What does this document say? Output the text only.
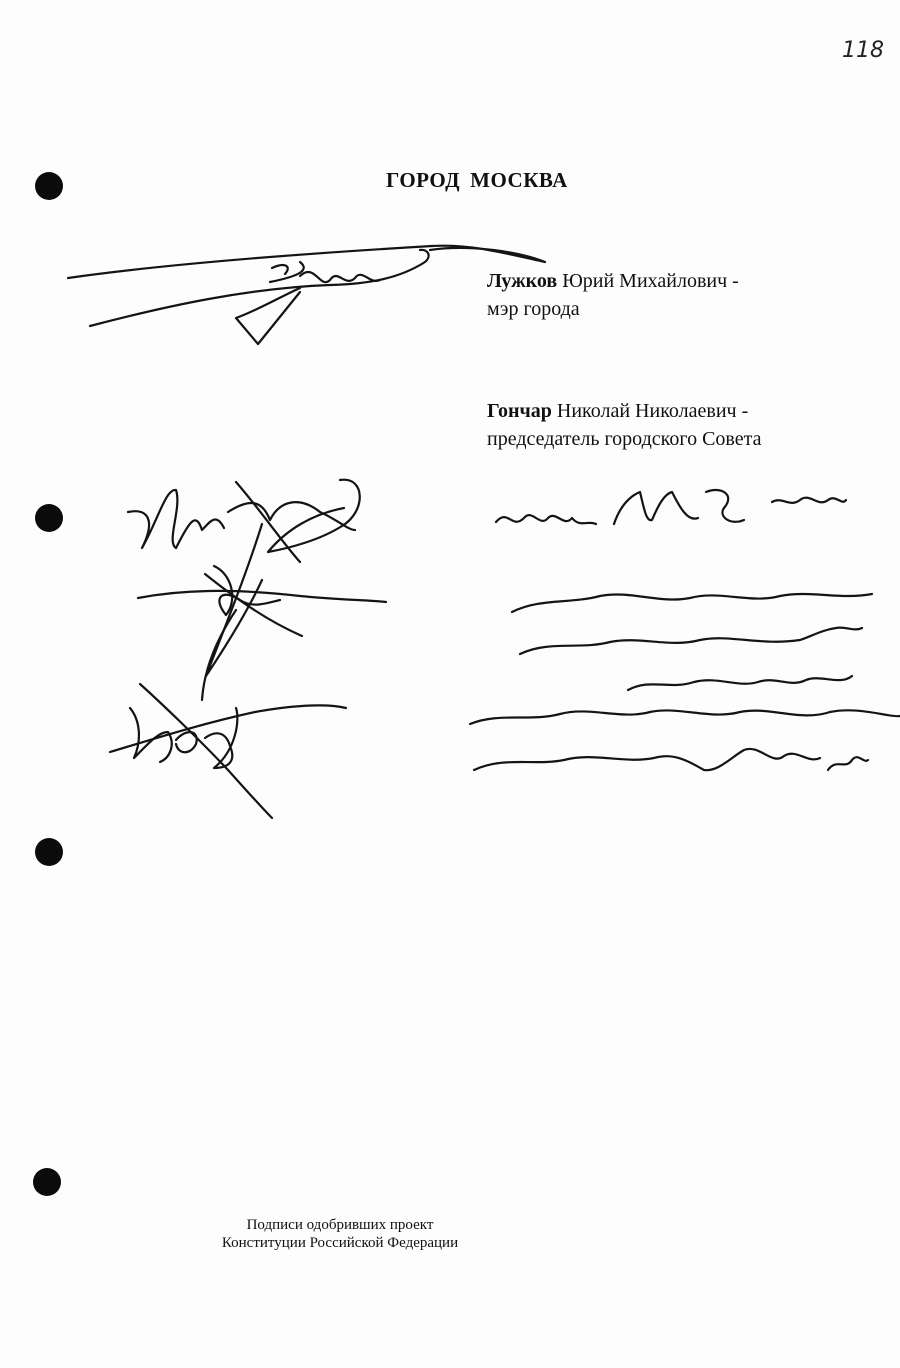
118
ГОРОД МОСКВА
Лужков Юрий Михайлович -
мэр города
Гончар Николай Николаевич -
председатель городского Совета
Подписи одобривших проект
Конституции Российской Федерации
